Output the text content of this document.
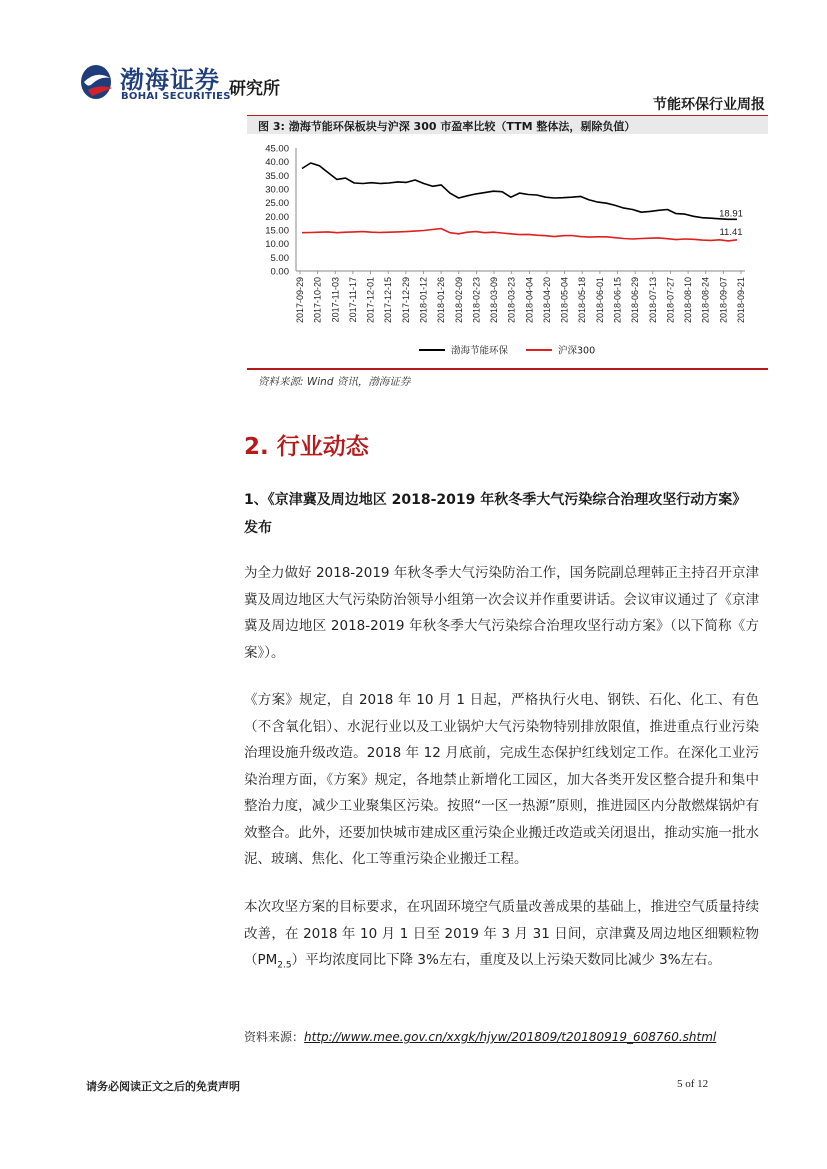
渤海证券
BOHAI SECURITIES
研究所
节能环保行业周报
图 3: 渤海节能环保板块与沪深 300 市盈率比较（TTM 整体法，剔除负值）
0.00
5.00
10.00
15.00
20.00
25.00
30.00
35.00
40.00
45.00
2017-09-29 2017-10-20 2017-11-03 2017-11-17 2017-12-01 2017-12-15 2017-12-29 2018-01-12 2018-01-26 2018-02-09 2018-02-23 2018-03-09 2018-03-23 2018-04-04 2018-04-20 2018-05-04 2018-05-18 2018-06-01 2018-06-15 2018-06-29 2018-07-13 2018-07-27 2018-08-10 2018-08-24 2018-09-07 2018-09-21
18.91
11.41
渤海节能环保	沪深300
资料来源: Wind 资讯，渤海证券
2. 行业动态
1、《京津冀及周边地区 2018-2019 年秋冬季大气污染综合治理攻坚行动方案》发布
为全力做好 2018-2019 年秋冬季大气污染防治工作，国务院副总理韩正主持召开京津冀及周边地区大气污染防治领导小组第一次会议并作重要讲话。会议审议通过了《京津冀及周边地区 2018-2019 年秋冬季大气污染综合治理攻坚行动方案》（以下简称《方案》）。
《方案》规定，自 2018 年 10 月 1 日起，严格执行火电、钢铁、石化、化工、有色（不含氧化铝）、水泥行业以及工业锅炉大气污染物特别排放限值，推进重点行业污染治理设施升级改造。2018 年 12 月底前，完成生态保护红线划定工作。在深化工业污染治理方面，《方案》规定，各地禁止新增化工园区，加大各类开发区整合提升和集中整治力度，减少工业聚集区污染。按照“一区一热源”原则，推进园区内分散燃煤锅炉有效整合。此外，还要加快城市建成区重污染企业搬迁改造或关闭退出，推动实施一批水泥、玻璃、焦化、化工等重污染企业搬迁工程。
本次攻坚方案的目标要求，在巩固环境空气质量改善成果的基础上，推进空气质量持续改善，在 2018 年 10 月 1 日至 2019 年 3 月 31 日间，京津冀及周边地区细颗粒物$(PM_{2.5})$平均浓度同比下降 3%左右，重度及以上污染天数同比减少 3%左右。
资料来源：http://www.mee.gov.cn/xxgk/hjyw/201809/t20180919_608760.shtml
请务必阅读正文之后的免责声明	5 of 12
